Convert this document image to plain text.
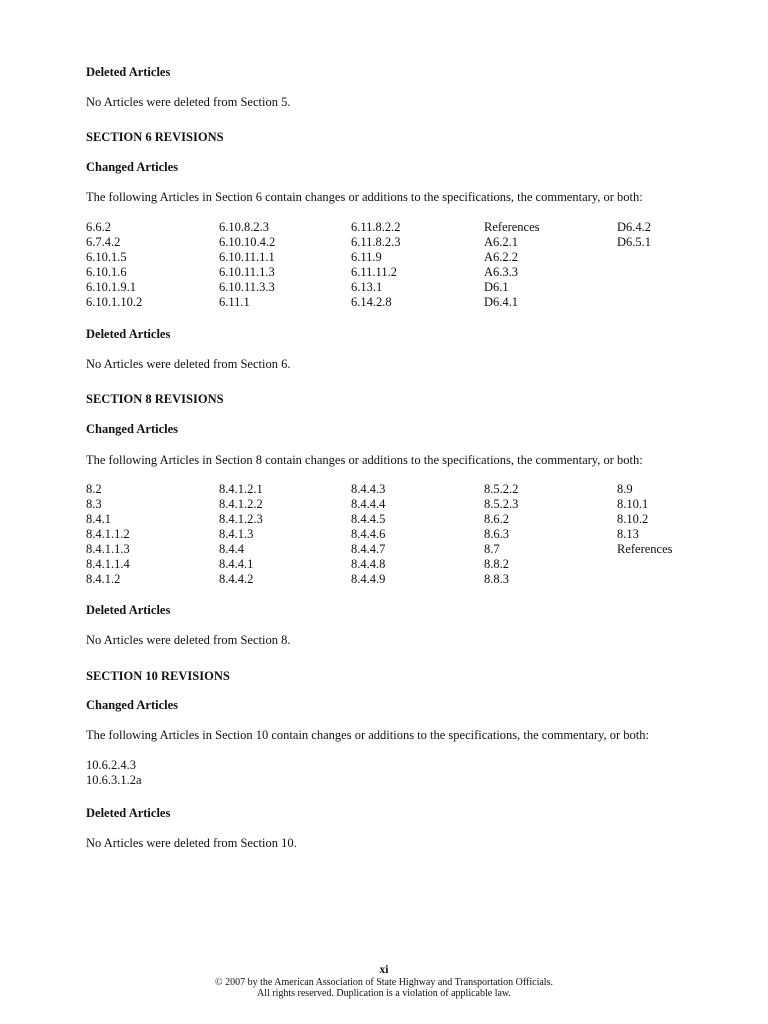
Deleted Articles
No Articles were deleted from Section 5.
SECTION 6 REVISIONS
Changed Articles
The following Articles in Section 6 contain changes or additions to the specifications, the commentary, or both:
6.6.2
6.7.4.2
6.10.1.5
6.10.1.6
6.10.1.9.1
6.10.1.10.2
6.10.8.2.3
6.10.10.4.2
6.10.11.1.1
6.10.11.1.3
6.10.11.3.3
6.11.1
6.11.8.2.2
6.11.8.2.3
6.11.9
6.11.11.2
6.13.1
6.14.2.8
References
A6.2.1
A6.2.2
A6.3.3
D6.1
D6.4.1
D6.4.2
D6.5.1
Deleted Articles
No Articles were deleted from Section 6.
SECTION 8 REVISIONS
Changed Articles
The following Articles in Section 8 contain changes or additions to the specifications, the commentary, or both:
8.2
8.3
8.4.1
8.4.1.1.2
8.4.1.1.3
8.4.1.1.4
8.4.1.2
8.4.1.2.1
8.4.1.2.2
8.4.1.2.3
8.4.1.3
8.4.4
8.4.4.1
8.4.4.2
8.4.4.3
8.4.4.4
8.4.4.5
8.4.4.6
8.4.4.7
8.4.4.8
8.4.4.9
8.5.2.2
8.5.2.3
8.6.2
8.6.3
8.7
8.8.2
8.8.3
8.9
8.10.1
8.10.2
8.13
References
Deleted Articles
No Articles were deleted from Section 8.
SECTION 10 REVISIONS
Changed Articles
The following Articles in Section 10 contain changes or additions to the specifications, the commentary, or both:
10.6.2.4.3
10.6.3.1.2a
Deleted Articles
No Articles were deleted from Section 10.
xi
© 2007 by the American Association of State Highway and Transportation Officials.
All rights reserved. Duplication is a violation of applicable law.
